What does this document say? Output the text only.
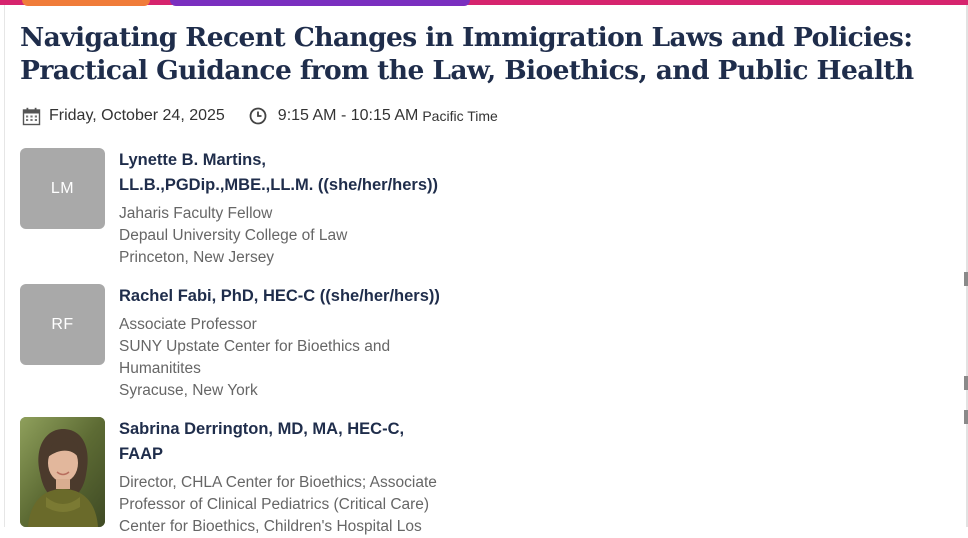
Navigating Recent Changes in Immigration Laws and Policies:
Practical Guidance from the Law, Bioethics, and Public Health
Friday, October 24, 2025	9:15 AM - 10:15 AM Pacific Time
LM
Lynette B. Martins,
LL.B.,PGDip.,MBE.,LL.M. ((she/her/hers))
Jaharis Faculty Fellow
Depaul University College of Law
Princeton, New Jersey
RF
Rachel Fabi, PhD, HEC-C ((she/her/hers))
Associate Professor
SUNY Upstate Center for Bioethics and
Humanitites
Syracuse, New York
Sabrina Derrington, MD, MA, HEC-C,
FAAP
Director, CHLA Center for Bioethics; Associate
Professor of Clinical Pediatrics (Critical Care)
Center for Bioethics, Children's Hospital Los
